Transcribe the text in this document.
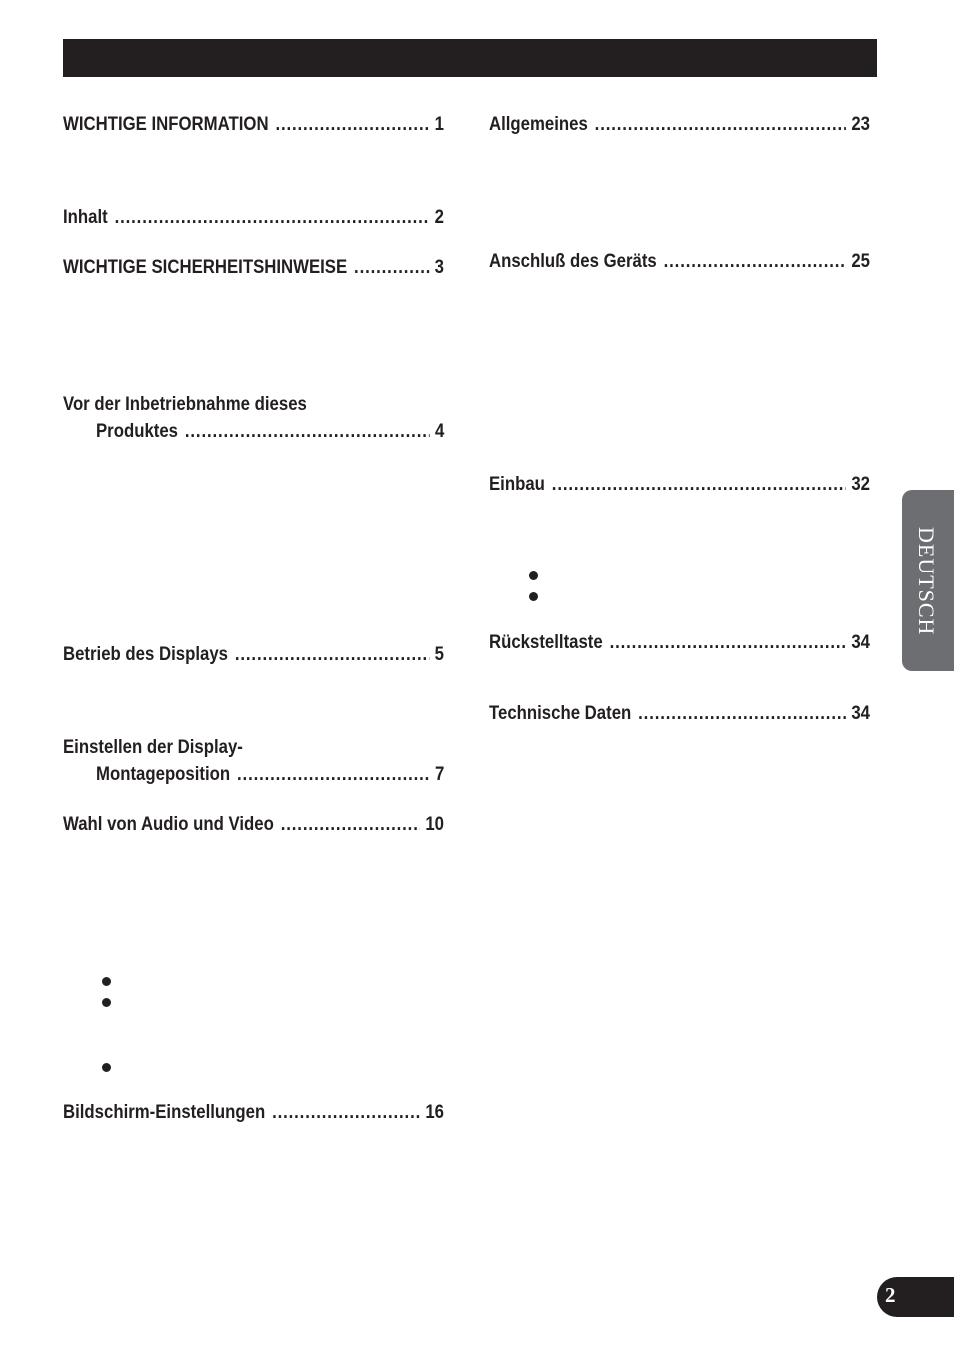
WICHTIGE INFORMATION .....	1
Inhalt .....	2
WICHTIGE SICHERHEITSHINWEISE .....	3
Vor der Inbetriebnahme dieses
Produktes .....	4
Betrieb des Displays .....	5
Einstellen der Display-
Montageposition .....	7
Wahl von Audio und Video .....	10
Bildschirm-Einstellungen .....	16
Allgemeines .....	23
Anschluß des Geräts .....	25
Einbau .....	32
Rückstelltaste .....	34
Technische Daten .....	34
DEUTSCH
2
